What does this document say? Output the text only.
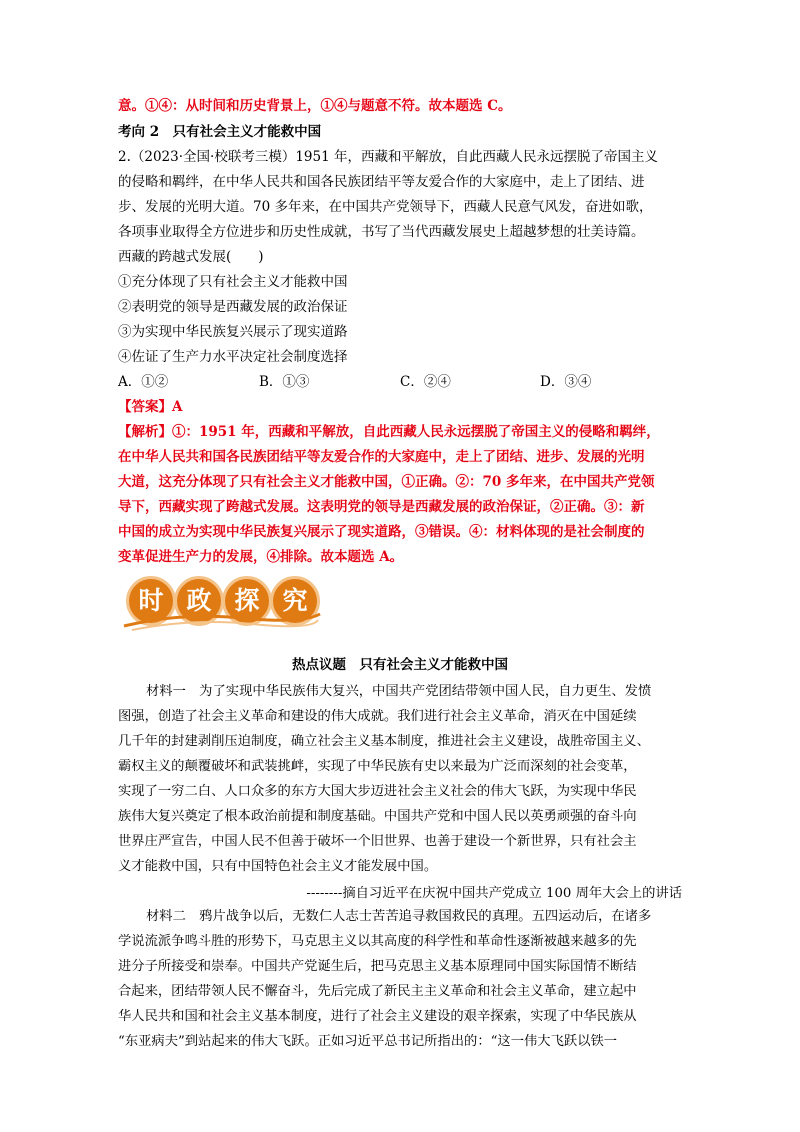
意。①④：从时间和历史背景上，①④与题意不符。故本题选 C。
考向 2　只有社会主义才能救中国
2.（2023·全国·校联考三模）1951 年，西藏和平解放，自此西藏人民永远摆脱了帝国主义
的侵略和羁绊，在中华人民共和国各民族团结平等友爱合作的大家庭中，走上了团结、进
步、发展的光明大道。70 多年来，在中国共产党领导下，西藏人民意气风发，奋进如歌，
各项事业取得全方位进步和历史性成就，书写了当代西藏发展史上超越梦想的壮美诗篇。
西藏的跨越式发展(　　)
①充分体现了只有社会主义才能救中国
②表明党的领导是西藏发展的政治保证
③为实现中华民族复兴展示了现实道路
④佐证了生产力水平决定社会制度选择
A．①②	B．①③	C．②④	D．③④
【答案】A
【解析】①：1951 年，西藏和平解放，自此西藏人民永远摆脱了帝国主义的侵略和羁绊，
在中华人民共和国各民族团结平等友爱合作的大家庭中，走上了团结、进步、发展的光明
大道，这充分体现了只有社会主义才能救中国，①正确。②：70 多年来，在中国共产党领
导下，西藏实现了跨越式发展。这表明党的领导是西藏发展的政治保证，②正确。③：新
中国的成立为实现中华民族复兴展示了现实道路，③错误。④：材料体现的是社会制度的
变革促进生产力的发展，④排除。故本题选 A。
时 政 探 究
热点议题　只有社会主义才能救中国
材料一　为了实现中华民族伟大复兴，中国共产党团结带领中国人民，自力更生、发愤
图强，创造了社会主义革命和建设的伟大成就。我们进行社会主义革命，消灭在中国延续
几千年的封建剥削压迫制度，确立社会主义基本制度，推进社会主义建设，战胜帝国主义、
霸权主义的颠覆破坏和武装挑衅，实现了中华民族有史以来最为广泛而深刻的社会变革，
实现了一穷二白、人口众多的东方大国大步迈进社会主义社会的伟大飞跃，为实现中华民
族伟大复兴奠定了根本政治前提和制度基础。中国共产党和中国人民以英勇顽强的奋斗向
世界庄严宣告，中国人民不但善于破坏一个旧世界、也善于建设一个新世界，只有社会主
义才能救中国，只有中国特色社会主义才能发展中国。
--------摘自习近平在庆祝中国共产党成立 100 周年大会上的讲话
材料二　鸦片战争以后，无数仁人志士苦苦追寻救国救民的真理。五四运动后，在诸多
学说流派争鸣斗胜的形势下，马克思主义以其高度的科学性和革命性逐渐被越来越多的先
进分子所接受和崇奉。中国共产党诞生后，把马克思主义基本原理同中国实际国情不断结
合起来，团结带领人民不懈奋斗，先后完成了新民主主义革命和社会主义革命，建立起中
华人民共和国和社会主义基本制度，进行了社会主义建设的艰辛探索，实现了中华民族从
“东亚病夫”到站起来的伟大飞跃。正如习近平总书记所指出的：“这一伟大飞跃以铁一
